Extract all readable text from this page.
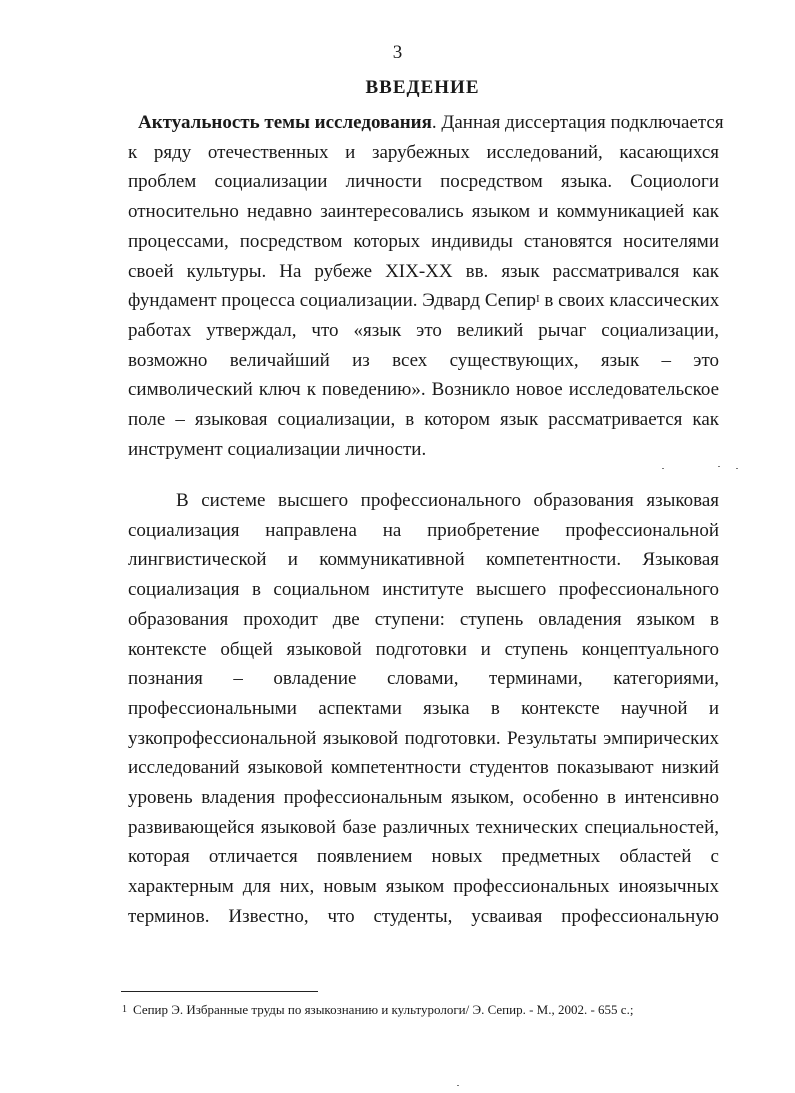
3
ВВЕДЕНИЕ
Актуальность темы исследования. Данная диссертация подключается
к ряду отечественных и зарубежных исследований, касающихся
проблем социализации личности посредством языка. Социологи
относительно недавно заинтересовались языком и коммуникацией как
процессами, посредством которых индивиды становятся носителями
своей культуры. На рубеже XIX-XX вв. язык рассматривался как
фундамент процесса социализации. Эдвард Сепир$^I$ в своих классических
работах утверждал, что «язык это великий рычаг социализации,
возможно величайший из всех существующих, язык – это
символический ключ к поведению». Возникло новое исследовательское
поле – языковая социализации, в котором язык рассматривается как
инструмент социализации личности.
В системе высшего профессионального образования языковая
социализация направлена на приобретение профессиональной
лингвистической и коммуникативной компетентности. Языковая
социализация в социальном институте высшего профессионального
образования проходит две ступени: ступень овладения языком в
контексте общей языковой подготовки и ступень концептуального
познания – овладение словами, терминами, категориями,
профессиональными аспектами языка в контексте научной и
узкопрофессиональной языковой подготовки. Результаты эмпирических
исследований языковой компетентности студентов показывают низкий
уровень владения профессиональным языком, особенно в интенсивно
развивающейся языковой базе различных технических специальностей,
которая отличается появлением новых предметных областей с
характерным для них, новым языком профессиональных иноязычных
терминов. Известно, что студенты, усваивая профессиональную
$^1$ Сепир Э. Избранные труды по языкознанию и культурологи/ Э. Сепир. - М., 2002. - 655 с.;
